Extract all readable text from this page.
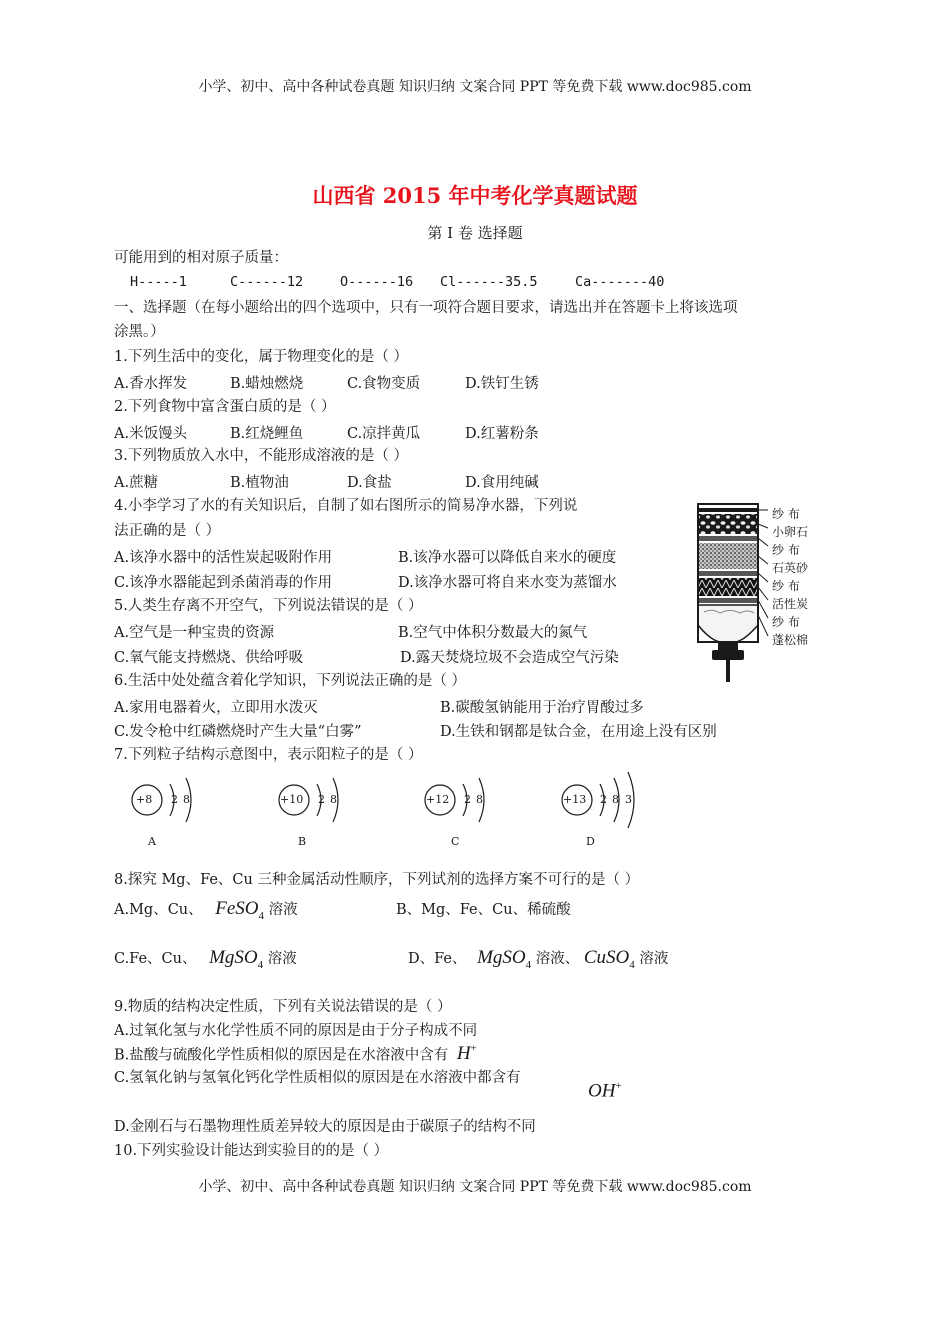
小学、初中、高中各种试卷真题 知识归纳 文案合同 PPT 等免费下载 www.doc985.com
山西省 2015 年中考化学真题试题
第 I 卷 选择题
可能用到的相对原子质量：
H-----1	C------12	O------16 Cl------35.5	Ca-------40
一、选择题（在每小题给出的四个选项中，只有一项符合题目要求，请选出并在答题卡上将该选项
涂黑。）
1.下列生活中的变化，属于物理变化的是（ ）
A.香水挥发	B.蜡烛燃烧	C.食物变质	D.铁钉生锈
2.下列食物中富含蛋白质的是（ ）
A.米饭馒头	B.红烧鲤鱼	C.凉拌黄瓜	D.红薯粉条
3.下列物质放入水中，不能形成溶液的是（ ）
A.蔗糖	B.植物油	D.食盐	D.食用纯碱
4.小李学习了水的有关知识后，自制了如右图所示的简易净水器，下列说
法正确的是（ ）
A.该净水器中的活性炭起吸附作用	B.该净水器可以降低自来水的硬度
C.该净水器能起到杀菌消毒的作用	D.该净水器可将自来水变为蒸馏水
纱 布
小卵石
纱 布
石英砂
纱 布
活性炭
纱 布
蓬松棉
5.人类生存离不开空气，下列说法错误的是（ ）
A.空气是一种宝贵的资源	B.空气中体积分数最大的氮气
C.氧气能支持燃烧、供给呼吸	D.露天焚烧垃圾不会造成空气污染
6.生活中处处蕴含着化学知识，下列说法正确的是（ ）
A.家用电器着火，立即用水泼灭	B.碳酸氢钠能用于治疗胃酸过多
C.发令枪中红磷燃烧时产生大量“白雾”	D.生铁和钢都是钛合金，在用途上没有区别
7.下列粒子结构示意图中，表示阳粒子的是（ ）
+8 2 8
A
+10 2 8
B
+12 2 8
C
+13 2 8 3
D
8.探究 Mg、Fe、Cu 三种金属活动性顺序，下列试剂的选择方案不可行的是（ ）
A.Mg、Cu、 FeSO$_4$ 溶液	B、Mg、Fe、Cu、稀硫酸
C.Fe、Cu、 MgSO$_4$ 溶液	D、Fe、 MgSO$_4$ 溶液、 CuSO$_4$ 溶液
9.物质的结构决定性质，下列有关说法错误的是（ ）
A.过氧化氢与水化学性质不同的原因是由于分子构成不同
B.盐酸与硫酸化学性质相似的原因是在水溶液中含有 H+
C.氢氧化钠与氢氧化钙化学性质相似的原因是在水溶液中都含有
OH+
D.金刚石与石墨物理性质差异较大的原因是由于碳原子的结构不同
10.下列实验设计能达到实验目的的是（ ）
小学、初中、高中各种试卷真题 知识归纳 文案合同 PPT 等免费下载 www.doc985.com
